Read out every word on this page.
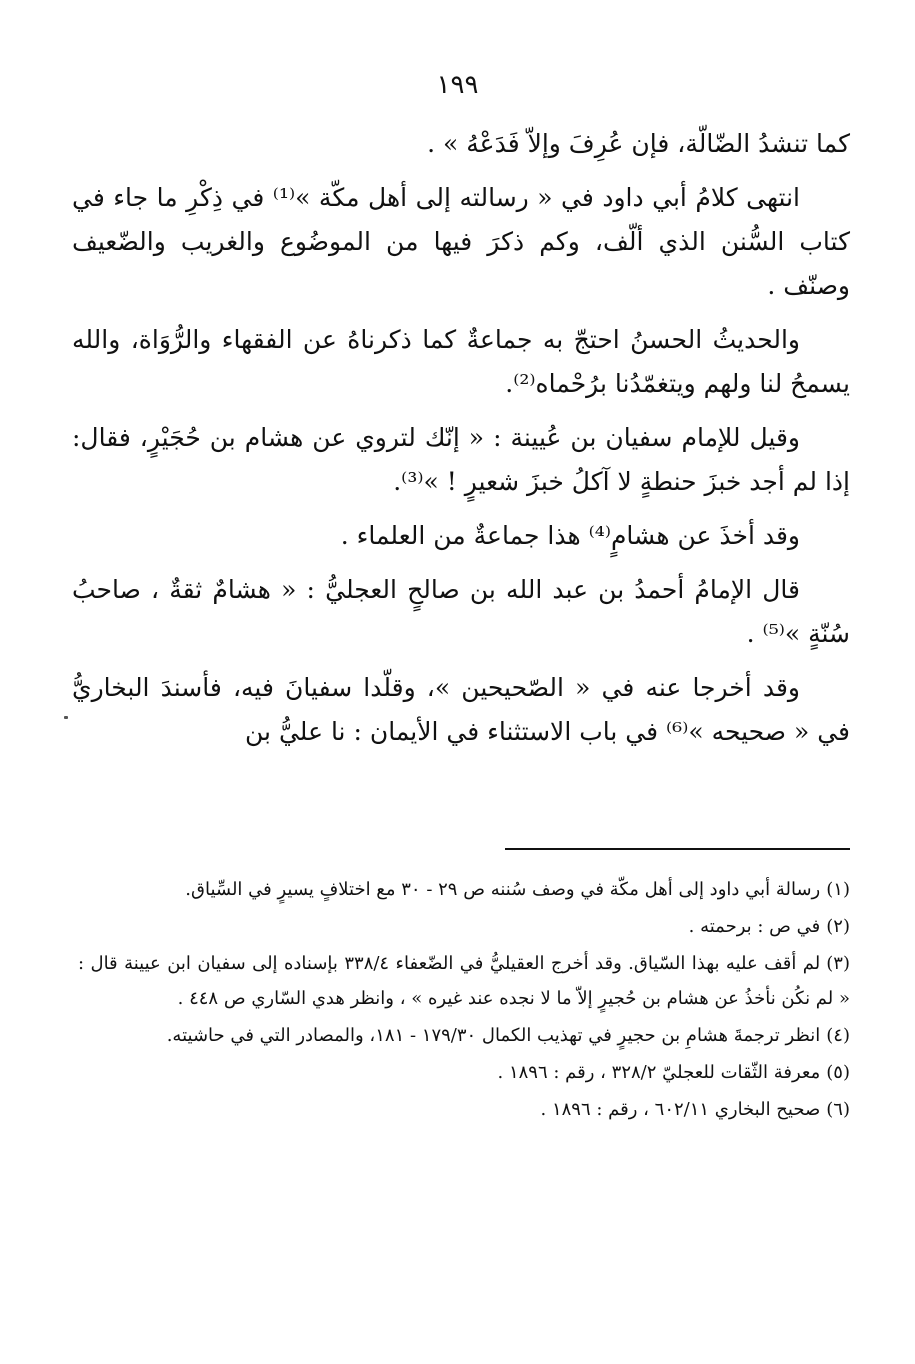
١٩٩

كما تنشدُ الضّالّة، فإن عُرِفَ وإلاّ فَدَعْهُ » .

انتهى كلامُ أبي داود في « رسالته إلى أهل مكّة »⁽¹⁾ في ذِكْرِ ما جاء في كتاب السُّنن الذي ألّف، وكم ذكرَ فيها من الموضُوع والغريب والضّعيف وصنّف .

والحديثُ الحسنُ احتجّ به جماعةٌ كما ذكرناهُ عن الفقهاء والرُّوَاة، والله يسمحُ لنا ولهم ويتغمّدُنا برُحْماه⁽²⁾.

وقيل للإمام سفيان بن عُيينة : « إنّك لتروي عن هشام بن حُجَيْرٍ، فقال: إذا لم أجد خبزَ حنطةٍ لا آكلُ خبزَ شعيرٍ ! »⁽³⁾.

وقد أخذَ عن هشامٍ⁽⁴⁾ هذا جماعةٌ من العلماء .

قال الإمامُ أحمدُ بن عبد الله بن صالحٍ العجليُّ : « هشامٌ ثقةٌ ، صاحبُ سُنّةٍ »⁽⁵⁾ .

وقد أخرجا عنه في « الصّحيحين »، وقلّدا سفيانَ فيه، فأسندَ البخاريُّ في « صحيحه »⁽⁶⁾ في باب الاستثناء في الأيمان : نا عليُّ بن

(١)رسالة أبي داود إلى أهل مكّة في وصف سُننه ص ٢٩ - ٣٠ مع اختلافٍ يسيرٍ في السِّياق.

(٢)في ص : برحمته .

(٣)لم أقف عليه بهذا السّياق. وقد أخرج العقيليُّ في الضّعفاء ٣٣٨/٤ بإسناده إلى سفيان ابن عيينة قال : « لم نكُن نأخذُ عن هشام بن حُجيرٍ إلاّ ما لا نجده عند غيره » ، وانظر هدي السّاري ص ٤٤٨ .

(٤)انظر ترجمةَ هشامِ بن حجيرٍ في تهذيب الكمال ١٧٩/٣٠ - ١٨١، والمصادر التي في حاشيته.

(٥)معرفة الثّقات للعجليّ ٣٢٨/٢ ، رقم : ١٨٩٦ .

(٦)صحيح البخاري ٦٠٢/١١ ، رقم : ١٨٩٦ .
